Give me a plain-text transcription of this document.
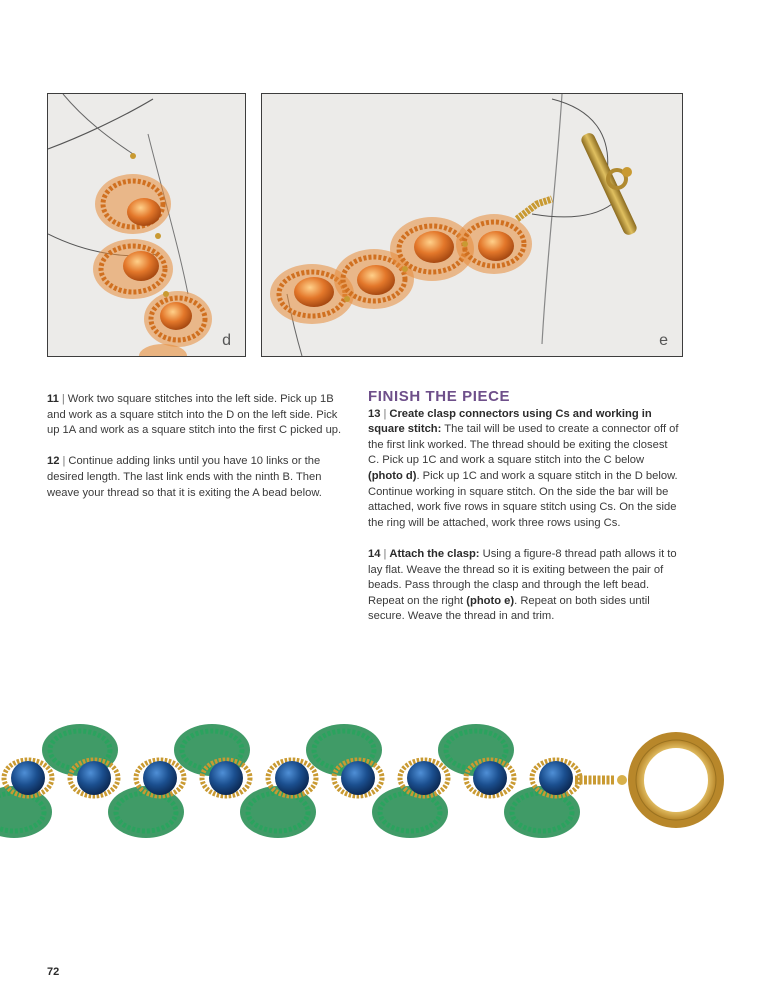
d	e

11 | Work two square stitches into the left side. Pick up 1B and work as a square stitch into the D on the left side. Pick up 1A and work as a square stitch into the first C picked up.

12 | Continue adding links until you have 10 links or the desired length. The last link ends with the ninth B. Then weave your thread so that it is exiting the A bead below.

FINISH THE PIECE

13 | Create clasp connectors using Cs and working in square stitch: The tail will be used to create a connector off of the first link worked. The thread should be exiting the closest C. Pick up 1C and work a square stitch into the C below (photo d). Pick up 1C and work a square stitch in the D below. Continue working in square stitch. On the side the bar will be attached, work five rows in square stitch using Cs. On the side the ring will be attached, work three rows using Cs.

14 | Attach the clasp: Using a figure-8 thread path allows it to lay flat. Weave the thread so it is exiting between the pair of beads. Pass through the clasp and through the left bead. Repeat on the right (photo e). Repeat on both sides until secure. Weave the thread in and trim.

72
